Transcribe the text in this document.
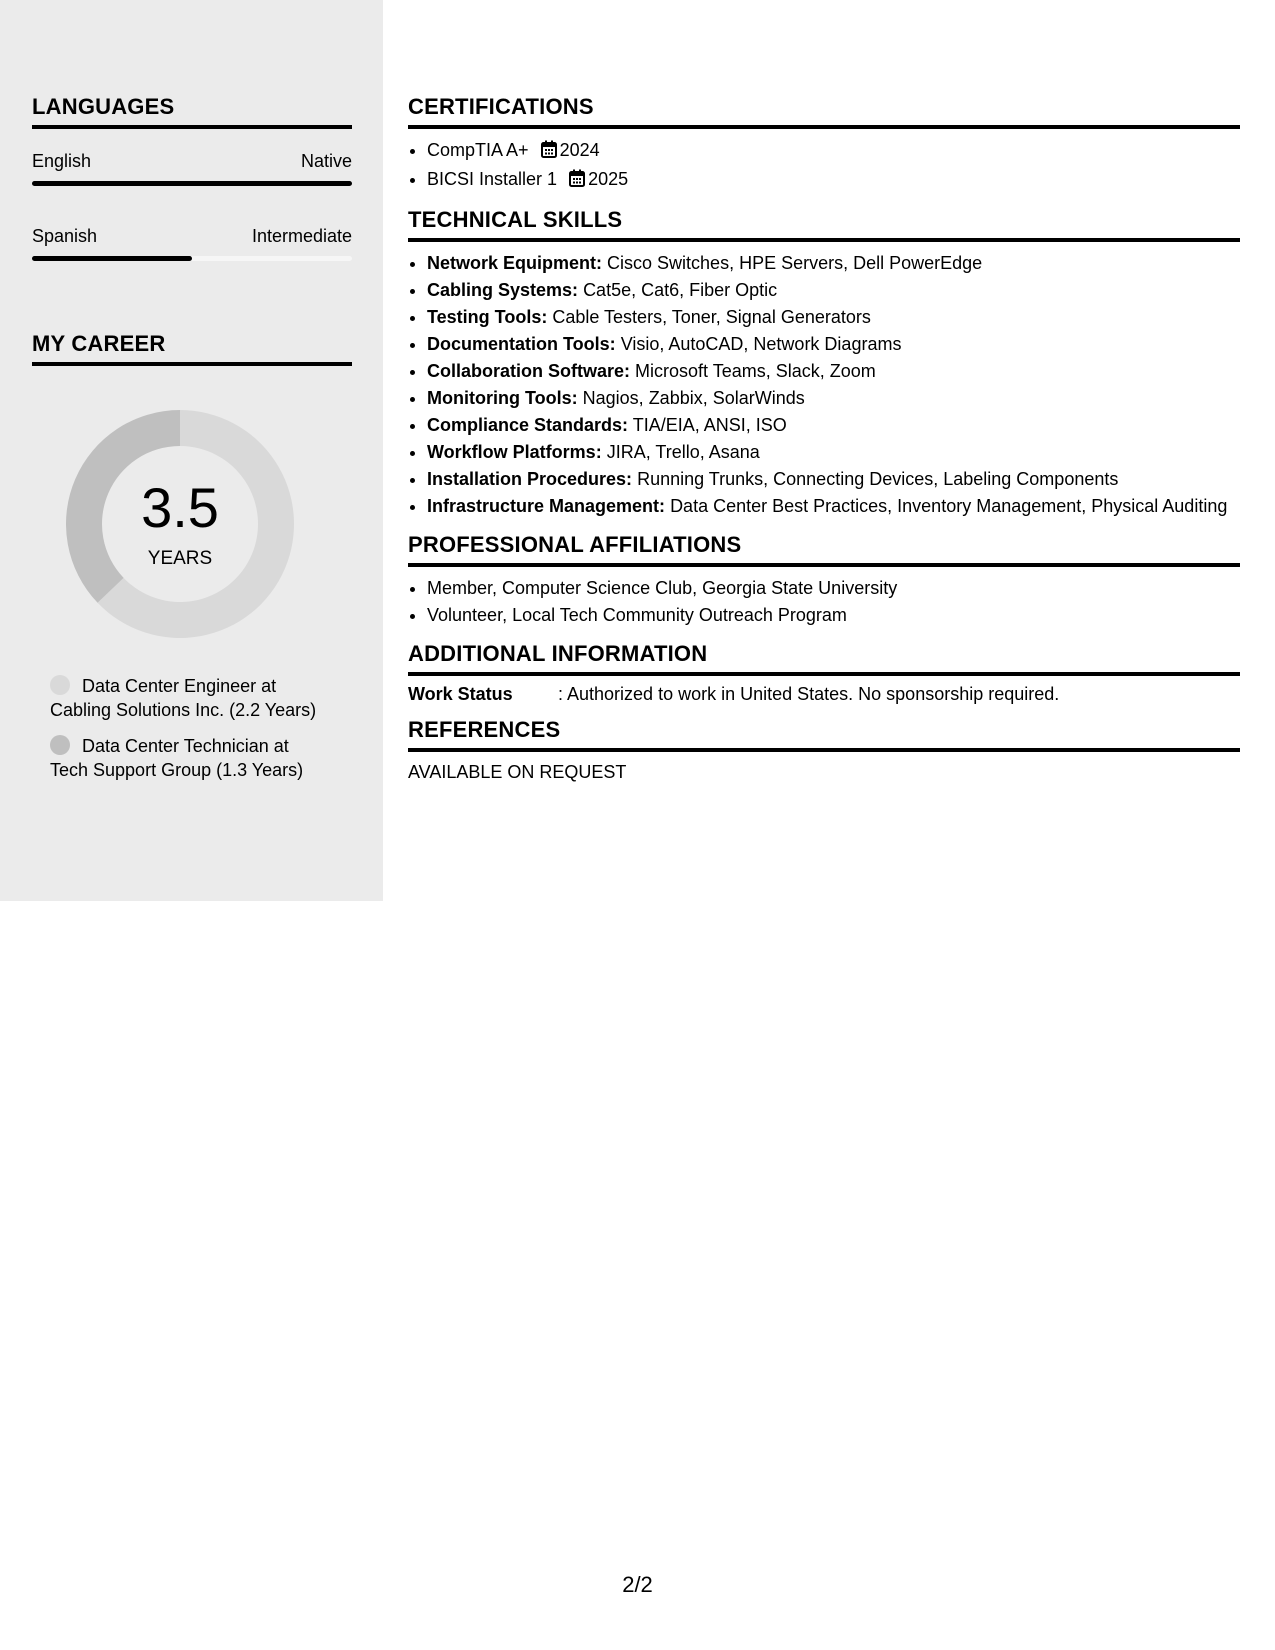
LANGUAGES
English	Native
Spanish	Intermediate
MY CAREER
3.5
YEARS
Data Center Engineer at Cabling Solutions Inc. (2.2 Years)
Data Center Technician at Tech Support Group (1.3 Years)
CERTIFICATIONS
• CompTIA A+ 2024
• BICSI Installer 1 2025
TECHNICAL SKILLS
• Network Equipment: Cisco Switches, HPE Servers, Dell PowerEdge
• Cabling Systems: Cat5e, Cat6, Fiber Optic
• Testing Tools: Cable Testers, Toner, Signal Generators
• Documentation Tools: Visio, AutoCAD, Network Diagrams
• Collaboration Software: Microsoft Teams, Slack, Zoom
• Monitoring Tools: Nagios, Zabbix, SolarWinds
• Compliance Standards: TIA/EIA, ANSI, ISO
• Workflow Platforms: JIRA, Trello, Asana
• Installation Procedures: Running Trunks, Connecting Devices, Labeling Components
• Infrastructure Management: Data Center Best Practices, Inventory Management, Physical Auditing
PROFESSIONAL AFFILIATIONS
• Member, Computer Science Club, Georgia State University
• Volunteer, Local Tech Community Outreach Program
ADDITIONAL INFORMATION
Work Status	: Authorized to work in United States. No sponsorship required.
REFERENCES
AVAILABLE ON REQUEST
2/2
